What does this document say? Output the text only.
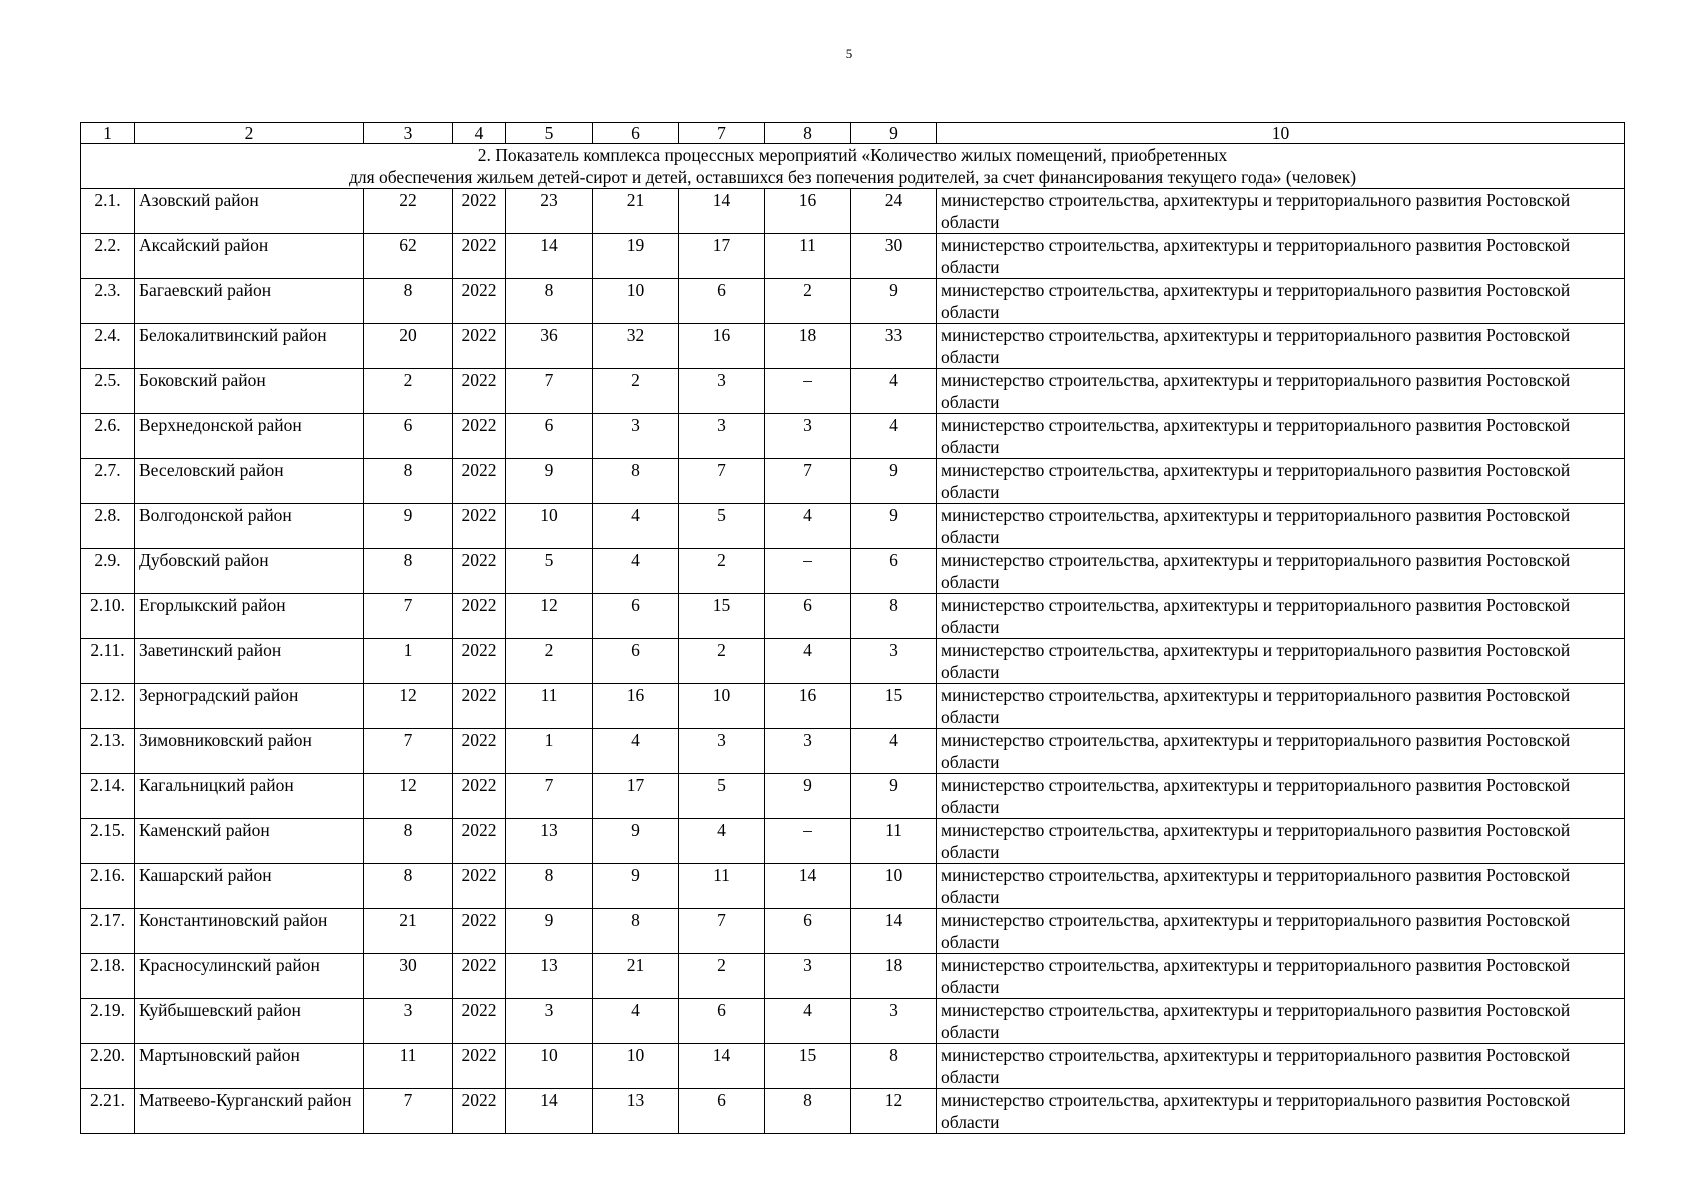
5
1	2	3	4	5	6	7	8	9	10

2. Показатель комплекса процессных мероприятий «Количество жилых помещений, приобретенных
для обеспечения жильем детей-сирот и детей, оставшихся без попечения родителей, за счет финансирования текущего года» (человек)									

2.1.	Азовский район	22	2022	23	21	14	16	24	министерство строительства, архитектуры и территориального развития Ростовской области
2.2.	Аксайский район	62	2022	14	19	17	11	30	министерство строительства, архитектуры и территориального развития Ростовской области
2.3.	Багаевский район	8	2022	8	10	6	2	9	министерство строительства, архитектуры и территориального развития Ростовской области
2.4.	Белокалитвинский район	20	2022	36	32	16	18	33	министерство строительства, архитектуры и территориального развития Ростовской области
2.5.	Боковский район	2	2022	7	2	3	–	4	министерство строительства, архитектуры и территориального развития Ростовской области
2.6.	Верхнедонской район	6	2022	6	3	3	3	4	министерство строительства, архитектуры и территориального развития Ростовской области
2.7.	Веселовский район	8	2022	9	8	7	7	9	министерство строительства, архитектуры и территориального развития Ростовской области
2.8.	Волгодонской район	9	2022	10	4	5	4	9	министерство строительства, архитектуры и территориального развития Ростовской области
2.9.	Дубовский район	8	2022	5	4	2	–	6	министерство строительства, архитектуры и территориального развития Ростовской области
2.10.	Егорлыкский район	7	2022	12	6	15	6	8	министерство строительства, архитектуры и территориального развития Ростовской области
2.11.	Заветинский район	1	2022	2	6	2	4	3	министерство строительства, архитектуры и территориального развития Ростовской области
2.12.	Зерноградский район	12	2022	11	16	10	16	15	министерство строительства, архитектуры и территориального развития Ростовской области
2.13.	Зимовниковский район	7	2022	1	4	3	3	4	министерство строительства, архитектуры и территориального развития Ростовской области
2.14.	Кагальницкий район	12	2022	7	17	5	9	9	министерство строительства, архитектуры и территориального развития Ростовской области
2.15.	Каменский район	8	2022	13	9	4	–	11	министерство строительства, архитектуры и территориального развития Ростовской области
2.16.	Кашарский район	8	2022	8	9	11	14	10	министерство строительства, архитектуры и территориального развития Ростовской области
2.17.	Константиновский район	21	2022	9	8	7	6	14	министерство строительства, архитектуры и территориального развития Ростовской области
2.18.	Красносулинский район	30	2022	13	21	2	3	18	министерство строительства, архитектуры и территориального развития Ростовской области
2.19.	Куйбышевский район	3	2022	3	4	6	4	3	министерство строительства, архитектуры и территориального развития Ростовской области
2.20.	Мартыновский район	11	2022	10	10	14	15	8	министерство строительства, архитектуры и территориального развития Ростовской области
2.21.	Матвеево-Курганский район	7	2022	14	13	6	8	12	министерство строительства, архитектуры и территориального развития Ростовской области
